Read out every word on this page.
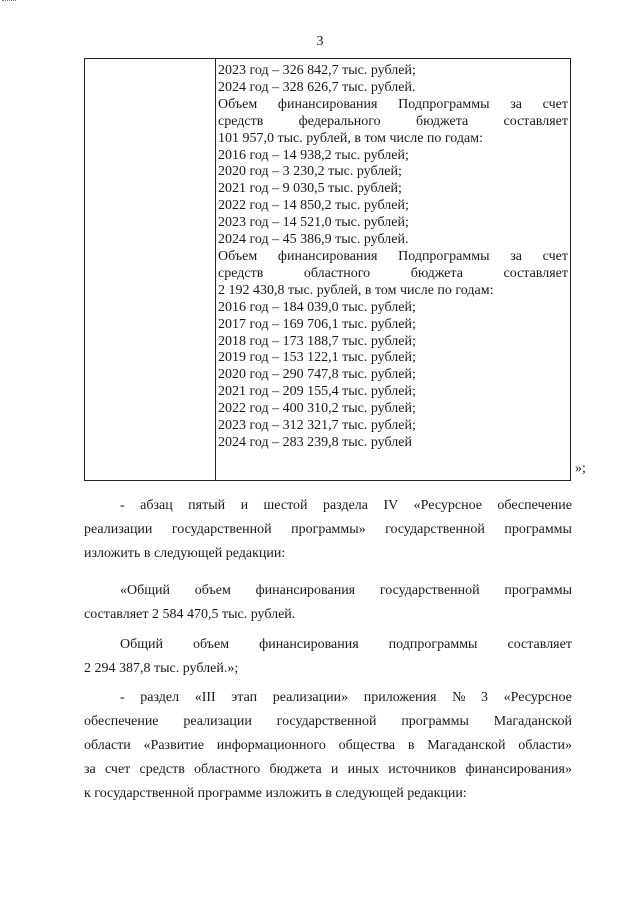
3
2023 год – 326 842,7 тыс. рублей;
2024 год – 328 626,7 тыс. рублей.
Объем финансирования Подпрограммы за счет
средств	федерального	бюджета	составляет
101 957,0 тыс. рублей, в том числе по годам:
2016 год – 14 938,2 тыс. рублей;
2020 год – 3 230,2 тыс. рублей;
2021 год – 9 030,5 тыс. рублей;
2022 год – 14 850,2 тыс. рублей;
2023 год – 14 521,0 тыс. рублей;
2024 год – 45 386,9 тыс. рублей.
Объем финансирования Подпрограммы за счет
средств	областного	бюджета	составляет
2 192 430,8 тыс. рублей, в том числе по годам:
2016 год – 184 039,0 тыс. рублей;
2017 год – 169 706,1 тыс. рублей;
2018 год – 173 188,7 тыс. рублей;
2019 год – 153 122,1 тыс. рублей;
2020 год – 290 747,8 тыс. рублей;
2021 год – 209 155,4 тыс. рублей;
2022 год – 400 310,2 тыс. рублей;
2023 год – 312 321,7 тыс. рублей;
2024 год – 283 239,8 тыс. рублей
»;
- абзац пятый и шестой раздела IV «Ресурсное обеспечение
реализации государственной программы» государственной программы
изложить в следующей редакции:
«Общий объем финансирования государственной программы
составляет 2 584 470,5 тыс. рублей.
Общий объем финансирования подпрограммы составляет
2 294 387,8 тыс. рублей.»;
- раздел «III этап реализации» приложения № 3 «Ресурсное
обеспечение реализации государственной программы Магаданской
области «Развитие информационного общества в Магаданской области»
за счет средств областного бюджета и иных источников финансирования»
к государственной программе изложить в следующей редакции:
